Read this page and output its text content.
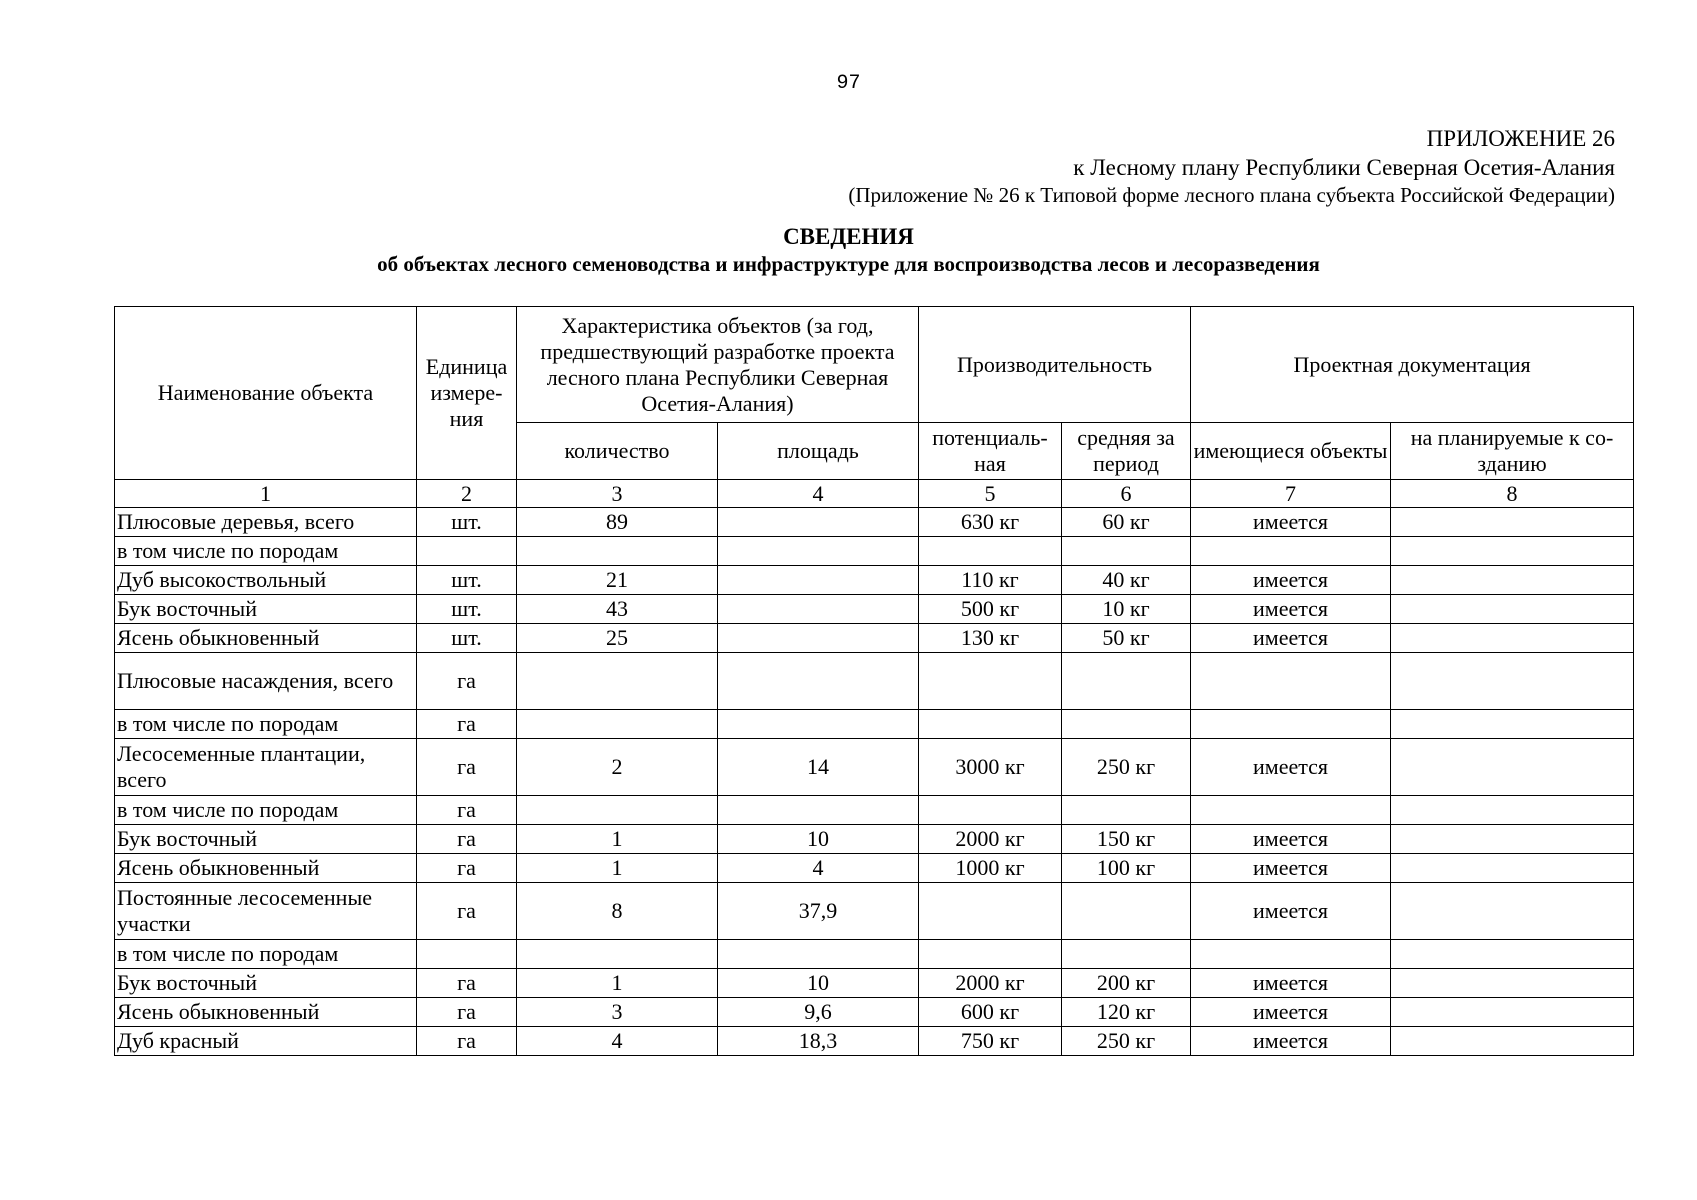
97
ПРИЛОЖЕНИЕ 26
к Лесному плану Республики Северная Осетия-Алания
(Приложение № 26 к Типовой форме лесного плана субъекта Российской Федерации)
СВЕДЕНИЯ
об объектах лесного семеноводства и инфраструктуре для воспроизводства лесов и лесоразведения
Наименование объекта	Единица измере-ния	Характеристика объектов (за год, предшествующий разработке проекта лесного плана Республики Северная Осетия-Алания)		Производительность		Проектная документация	
		количество	площадь	потенциаль-ная	средняя за период	имеющиеся объекты	на планируемые к со-зданию
1	2	3	4	5	6	7	8
Плюсовые деревья, всего	шт.	89		630 кг	60 кг	имеется	
в том числе по породам							
Дуб высокоствольный	шт.	21		110 кг	40 кг	имеется	
Бук восточный	шт.	43		500 кг	10 кг	имеется	
Ясень обыкновенный	шт.	25		130 кг	50 кг	имеется	
Плюсовые насаждения, всего	га						
в том числе по породам	га						
Лесосеменные плантации, всего	га	2	14	3000 кг	250 кг	имеется	
в том числе по породам	га						
Бук восточный	га	1	10	2000 кг	150 кг	имеется	
Ясень обыкновенный	га	1	4	1000 кг	100 кг	имеется	
Постоянные лесосеменные участки	га	8	37,9			имеется	
в том числе по породам							
Бук восточный	га	1	10	2000 кг	200 кг	имеется	
Ясень обыкновенный	га	3	9,6	600 кг	120 кг	имеется	
Дуб красный	га	4	18,3	750 кг	250 кг	имеется	
